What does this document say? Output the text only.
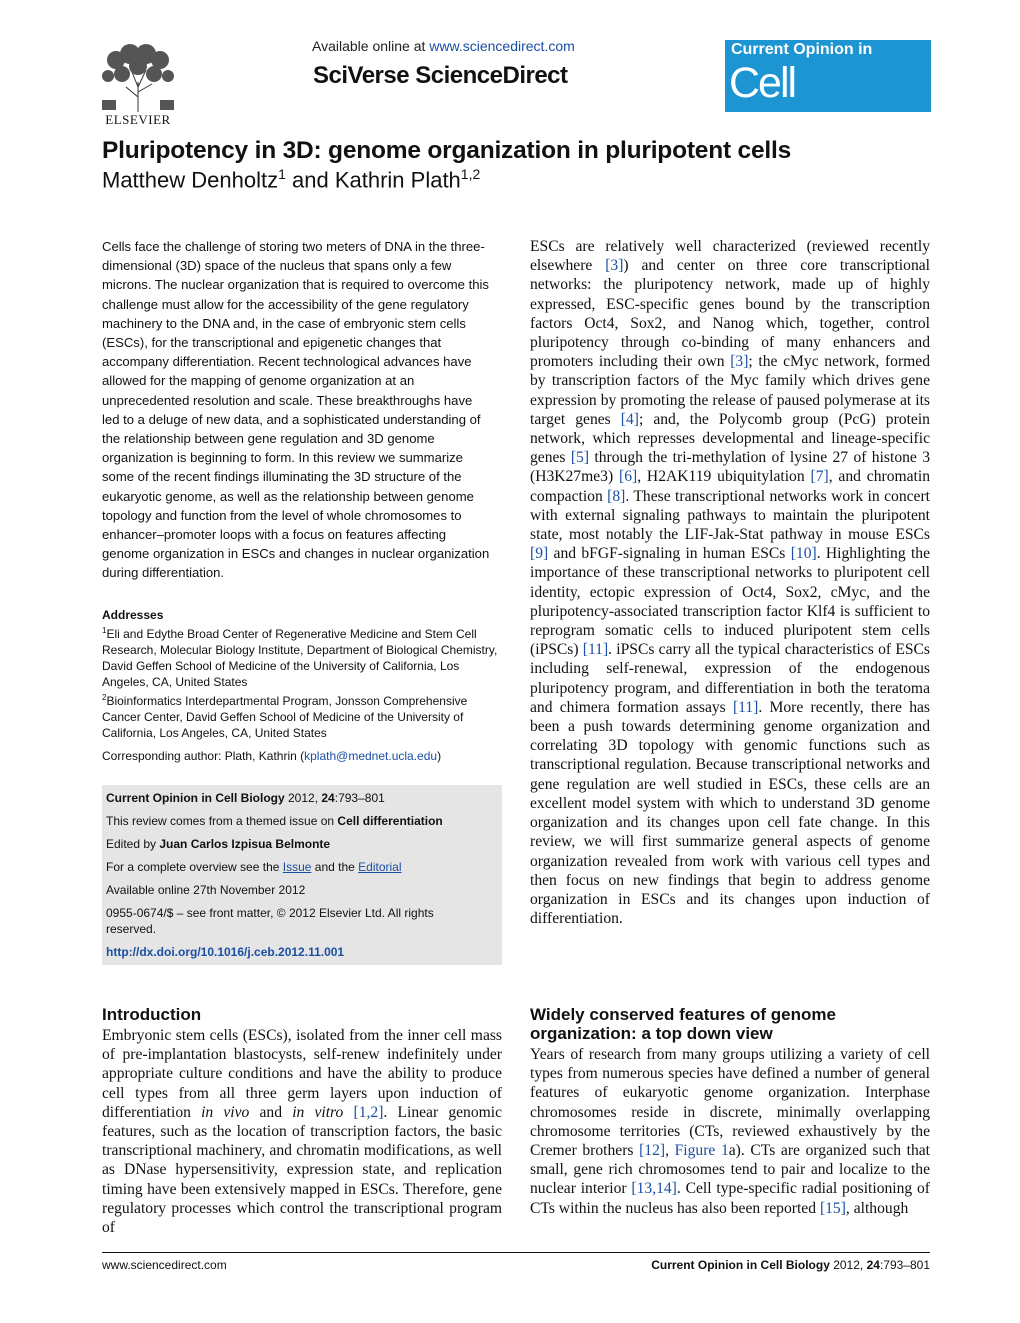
ELSEVIER
Available online at www.sciencedirect.com
SciVerse ScienceDirect
Current Opinion in
Cell Biology
Pluripotency in 3D: genome organization in pluripotent cells
Matthew Denholtz$^1$ and Kathrin Plath$^{1,2}$
Cells face the challenge of storing two meters of DNA in the three-dimensional (3D) space of the nucleus that spans only a few microns. The nuclear organization that is required to overcome this challenge must allow for the accessibility of the gene regulatory machinery to the DNA and, in the case of embryonic stem cells (ESCs), for the transcriptional and epigenetic changes that accompany differentiation. Recent technological advances have allowed for the mapping of genome organization at an unprecedented resolution and scale. These breakthroughs have led to a deluge of new data, and a sophisticated understanding of the relationship between gene regulation and 3D genome organization is beginning to form. In this review we summarize some of the recent findings illuminating the 3D structure of the eukaryotic genome, as well as the relationship between genome topology and function from the level of whole chromosomes to enhancer–promoter loops with a focus on features affecting genome organization in ESCs and changes in nuclear organization during differentiation.

Addresses

$^1$Eli and Edythe Broad Center of Regenerative Medicine and Stem Cell Research, Molecular Biology Institute, Department of Biological Chemistry, David Geffen School of Medicine of the University of California, Los Angeles, CA, United States

$^2$Bioinformatics Interdepartmental Program, Jonsson Comprehensive Cancer Center, David Geffen School of Medicine of the University of California, Los Angeles, CA, United States

Corresponding author: Plath, Kathrin (kplath@mednet.ucla.edu)
Current Opinion in Cell Biology 2012, 24:793–801
This review comes from a themed issue on Cell differentiation
Edited by Juan Carlos Izpisua Belmonte
For a complete overview see the Issue and the Editorial
Available online 27th November 2012
0955-0674/$ – see front matter, © 2012 Elsevier Ltd. All rights
reserved.
http://dx.doi.org/10.1016/j.ceb.2012.11.001
Introduction
Embryonic stem cells (ESCs), isolated from the inner cell mass of pre-implantation blastocysts, self-renew indefinitely under appropriate culture conditions and have the ability to produce cell types from all three germ layers upon induction of differentiation in vivo and in vitro [1,2]. Linear genomic features, such as the location of transcription factors, the basic transcriptional machinery, and chromatin modifications, as well as DNase hypersensitivity, expression state, and replication timing have been extensively mapped in ESCs. Therefore, gene regulatory processes which control the transcriptional program of
ESCs are relatively well characterized (reviewed recently elsewhere [3]) and center on three core transcriptional networks: the pluripotency network, made up of highly expressed, ESC-specific genes bound by the transcription factors Oct4, Sox2, and Nanog which, together, control pluripotency through co-binding of many enhancers and promoters including their own [3]; the cMyc network, formed by transcription factors of the Myc family which drives gene expression by promoting the release of paused polymerase at its target genes [4]; and, the Polycomb group (PcG) protein network, which represses developmental and lineage-specific genes [5] through the tri-methylation of lysine 27 of histone 3 (H3K27me3) [6], H2AK119 ubiquitylation [7], and chromatin compaction [8]. These transcriptional networks work in concert with external signaling pathways to maintain the pluripotent state, most notably the LIF-Jak-Stat pathway in mouse ESCs [9] and bFGF-signaling in human ESCs [10]. Highlighting the importance of these transcriptional networks to pluripotent cell identity, ectopic expression of Oct4, Sox2, cMyc, and the pluripotency-associated transcription factor Klf4 is sufficient to reprogram somatic cells to induced pluripotent stem cells (iPSCs) [11]. iPSCs carry all the typical characteristics of ESCs including self-renewal, expression of the endogenous pluripotency program, and differentiation in both the teratoma and chimera formation assays [11]. More recently, there has been a push towards determining genome organization and correlating 3D topology with genomic functions such as transcriptional regulation. Because transcriptional networks and gene regulation are well studied in ESCs, these cells are an excellent model system with which to understand 3D genome organization and its changes upon cell fate change. In this review, we will first summarize general aspects of genome organization revealed from work with various cell types and then focus on new findings that begin to address genome organization in ESCs and its changes upon induction of differentiation.
Widely conserved features of genome organization: a top down view
Years of research from many groups utilizing a variety of cell types from numerous species have defined a number of general features of eukaryotic genome organization. Interphase chromosomes reside in discrete, minimally overlapping chromosome territories (CTs, reviewed exhaustively by the Cremer brothers [12], Figure 1a). CTs are organized such that small, gene rich chromosomes tend to pair and localize to the nuclear interior [13,14]. Cell type-specific radial positioning of CTs within the nucleus has also been reported [15], although
www.sciencedirect.com	Current Opinion in Cell Biology 2012, 24:793–801
